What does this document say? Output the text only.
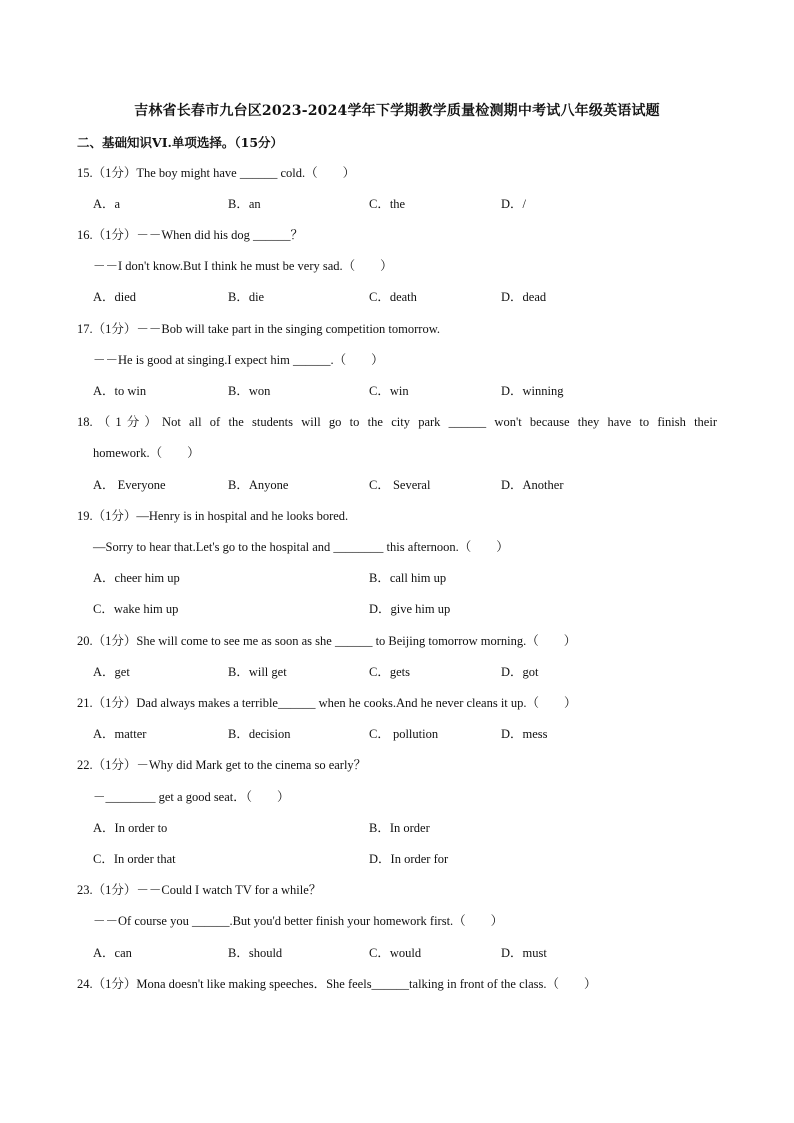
吉林省长春市九台区2023-2024学年下学期教学质量检测期中考试八年级英语试题
二、基础知识VI.单项选择。（15分）
15.（1分）The boy might have ______ cold.（　　）
A．a	B．an	C．the	D．/
16.（1分）－－When did his dog ______？
－－I don't know.But I think he must be very sad.（　　）
A．died	B．die	C．death	D．dead
17.（1分）－－Bob will take part in the singing competition tomorrow.
－－He is good at singing.I expect him ______.（　　）
A．to win	B．won	C．win	D．winning
18.（1分）Not all of the students will go to the city park ______ won't because they have to finish their
homework.（　　）
A． Everyone	B．Anyone	C． Several	D．Another
19.（1分）—Henry is in hospital and he looks bored.
—Sorry to hear that.Let's go to the hospital and ________ this afternoon.（　　）
A．cheer him up	B．call him up
C．wake him up	D．give him up
20.（1分）She will come to see me as soon as she ______ to Beijing tomorrow morning.（　　）
A．get	B．will get	C．gets	D．got
21.（1分）Dad always makes a terrible______ when he cooks.And he never cleans it up.（　　）
A．matter	B．decision	C． pollution	D．mess
22.（1分）－Why did Mark get to the cinema so early？
－________ get a good seat．（　　）
A．In order to	B．In order
C．In order that	D．In order for
23.（1分）－－Could I watch TV for a while？
－－Of course you ______.But you'd better finish your homework first.（　　）
A．can	B．should	C．would	D．must
24.（1分）Mona doesn't like making speeches．She feels______talking in front of the class.（　　）
